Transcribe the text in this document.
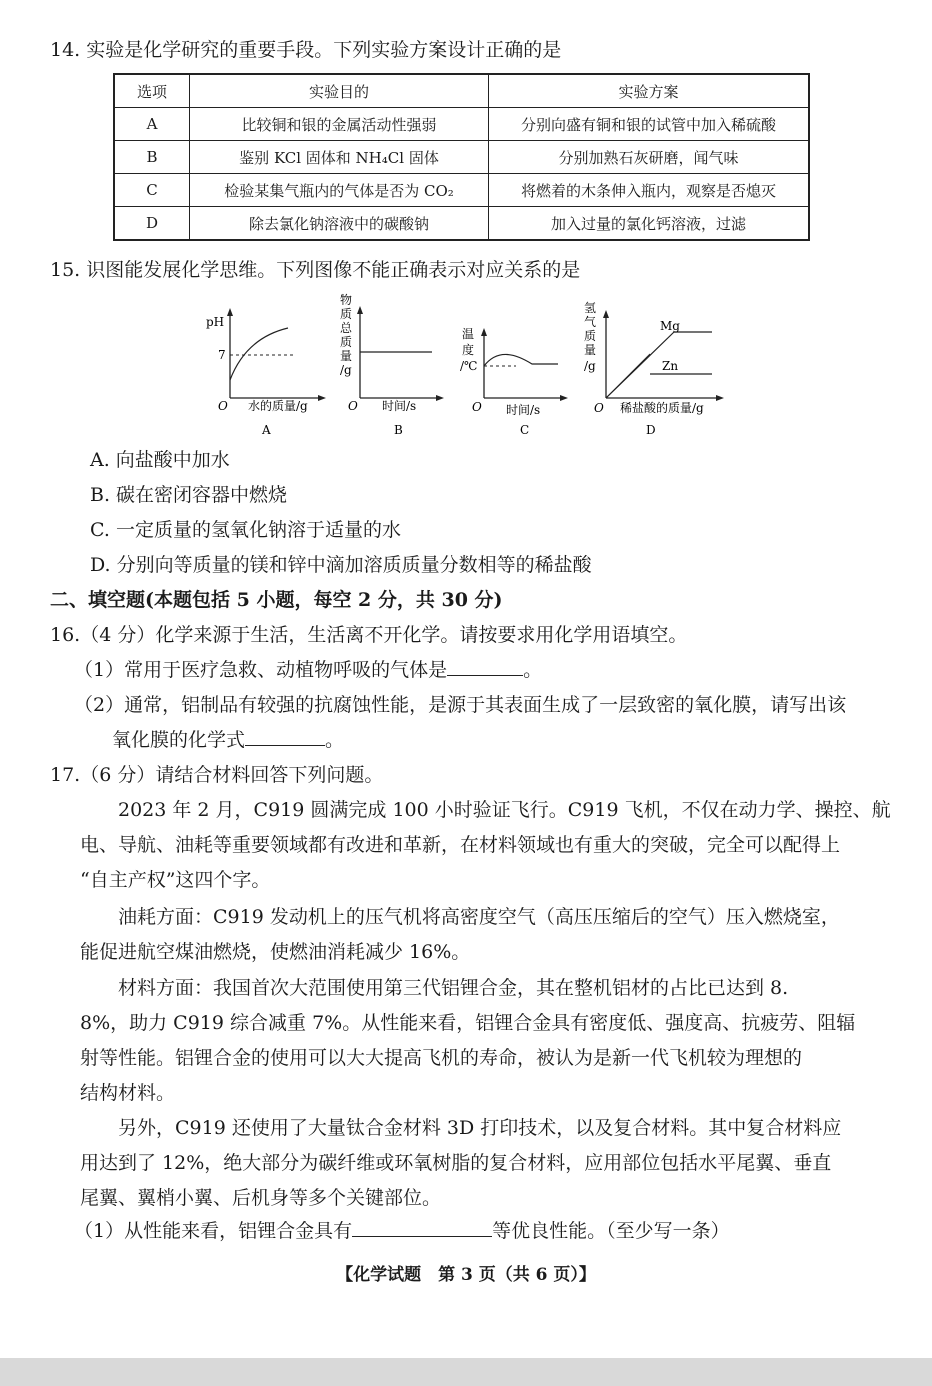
14. 实验是化学研究的重要手段。下列实验方案设计正确的是
选项	实验目的	实验方案
A	比较铜和银的金属活动性强弱	分别向盛有铜和银的试管中加入稀硫酸
B	鉴别 KCl 固体和 NH₄Cl 固体	分别加熟石灰研磨，闻气味
C	检验某集气瓶内的气体是否为 CO₂	将燃着的木条伸入瓶内，观察是否熄灭
D	除去氯化钠溶液中的碳酸钠	加入过量的氯化钙溶液，过滤
15. 识图能发展化学思维。下列图像不能正确表示对应关系的是
pH
7
O 水的质量/g
A
物
质
总
质
量
/g
O 时间/s
B
温
度
/℃
O 时间/s
C
氢
气
质
量
/g
Mg
Zn
O 稀盐酸的质量/g
D
A. 向盐酸中加水
B. 碳在密闭容器中燃烧
C. 一定质量的氢氧化钠溶于适量的水
D. 分别向等质量的镁和锌中滴加溶质质量分数相等的稀盐酸
二、填空题(本题包括 5 小题，每空 2 分，共 30 分)
16.（4 分）化学来源于生活，生活离不开化学。请按要求用化学用语填空。
（1）常用于医疗急救、动植物呼吸的气体是	。
（2）通常，铝制品有较强的抗腐蚀性能，是源于其表面生成了一层致密的氧化膜，请写出该
氧化膜的化学式	。
17.（6 分）请结合材料回答下列问题。
2023 年 2 月，C919 圆满完成 100 小时验证飞行。C919 飞机，不仅在动力学、操控、航
电、导航、油耗等重要领域都有改进和革新，在材料领域也有重大的突破，完全可以配得上
“自主产权”这四个字。
油耗方面：C919 发动机上的压气机将高密度空气（高压压缩后的空气）压入燃烧室，
能促进航空煤油燃烧，使燃油消耗减少 16%。
材料方面：我国首次大范围使用第三代铝锂合金，其在整机铝材的占比已达到 8.
8%，助力 C919 综合减重 7%。从性能来看，铝锂合金具有密度低、强度高、抗疲劳、阻辐
射等性能。铝锂合金的使用可以大大提高飞机的寿命，被认为是新一代飞机较为理想的
结构材料。
另外，C919 还使用了大量钛合金材料 3D 打印技术，以及复合材料。其中复合材料应
用达到了 12%，绝大部分为碳纤维或环氧树脂的复合材料，应用部位包括水平尾翼、垂直
尾翼、翼梢小翼、后机身等多个关键部位。
（1）从性能来看，铝锂合金具有	等优良性能。（至少写一条）
【化学试题　第 3 页（共 6 页）】
